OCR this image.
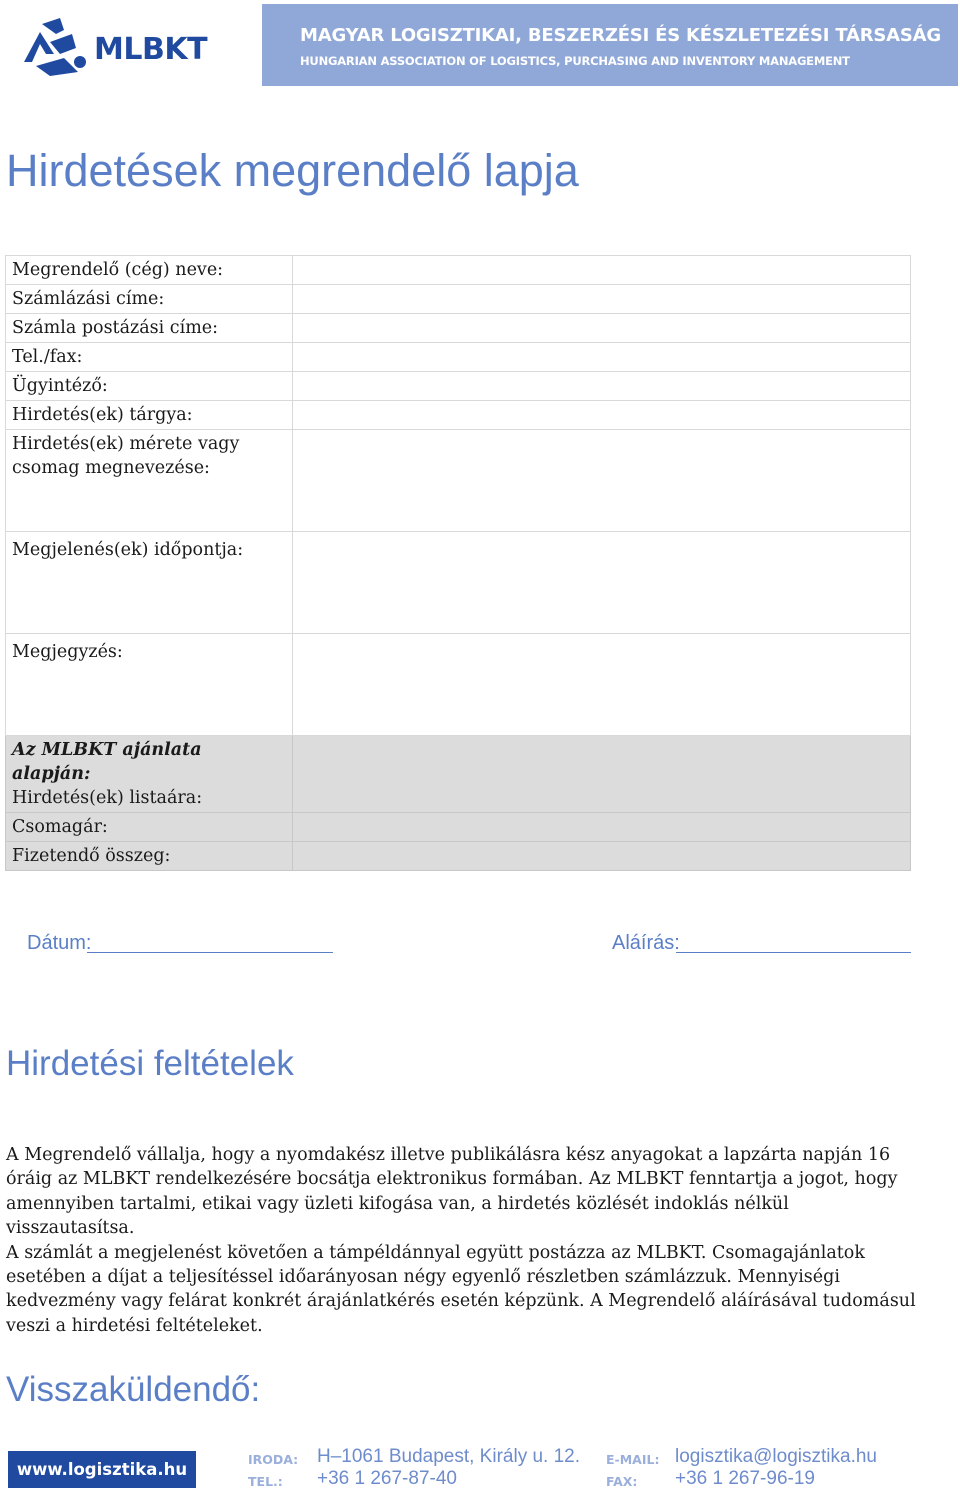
MLBKT	MAGYAR LOGISZTIKAI, BESZERZÉSI ÉS KÉSZLETEZÉSI TÁRSASÁG
HUNGARIAN ASSOCIATION OF LOGISTICS, PURCHASING AND INVENTORY MANAGEMENT
Hirdetések megrendelő lapja
Megrendelő (cég) neve:	
Számlázási címe:	
Számla postázási címe:	
Tel./fax:	
Ügyintéző:	
Hirdetés(ek) tárgya:	

Hirdetés(ek) mérete vagy
csomag megnevezése:	

Megjelenés(ek) időpontja:	
Megjegyzés:	

Az MLBKT ajánlata alapján:
Hirdetés(ek) listaára:	

Csomagár:	
Fizetendő összeg:	
Dátum:	Aláírás:
Hirdetési feltételek
A Megrendelő vállalja, hogy a nyomdakész illetve publikálásra kész anyagokat a lapzárta napján 16
óráig az MLBKT rendelkezésére bocsátja elektronikus formában. Az MLBKT fenntartja a jogot, hogy
amennyiben tartalmi, etikai vagy üzleti kifogása van, a hirdetés közlését indoklás nélkül visszautasítsa.
A számlát a megjelenést követően a támpéldánnyal együtt postázza az MLBKT. Csomagajánlatok
esetében a díjat a teljesítéssel időarányosan négy egyenlő részletben számlázzuk. Mennyiségi
kedvezmény vagy felárat konkrét árajánlatkérés esetén képzünk. A Megrendelő aláírásával tudomásul
veszi a hirdetési feltételeket.
Visszaküldendő:
www.logisztika.hu
IRODA: H–1061 Budapest, Király u. 12.
TEL.: +36 1 267-87-40
E-MAIL: logisztika@logisztika.hu
FAX: +36 1 267-96-19
